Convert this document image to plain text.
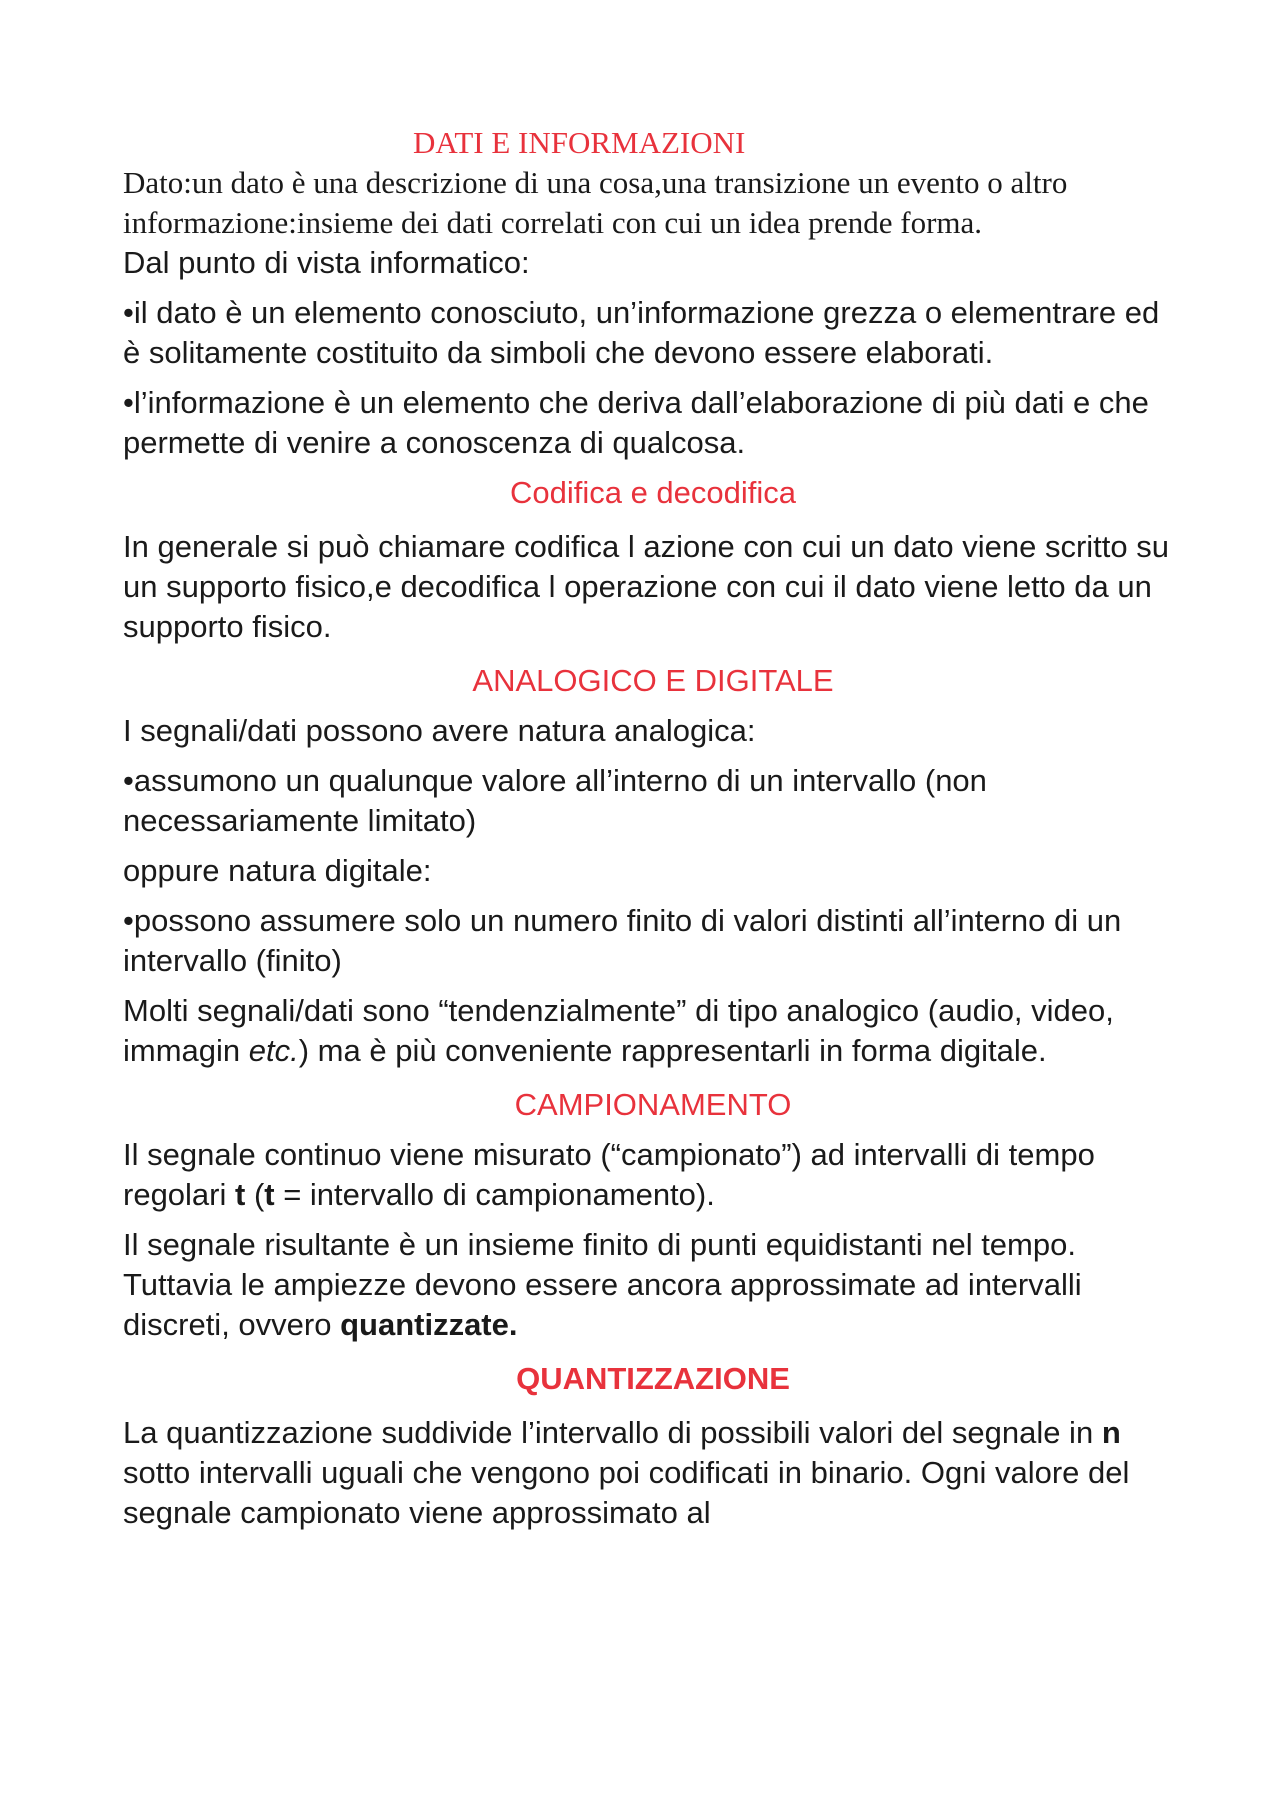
DATI E INFORMAZIONI

Dato:un dato è una descrizione di una cosa,una transizione un evento o altro

informazione:insieme dei dati correlati con cui un idea prende forma.

Dal punto di vista informatico:

•il dato è un elemento conosciuto, un’informazione grezza o elementrare ed è solitamente costituito da simboli che devono essere elaborati.

•l’informazione è un elemento che deriva dall’elaborazione di più dati e che permette di venire a conoscenza di qualcosa.

Codifica e decodifica

In generale si può chiamare codifica l azione con cui un dato viene scritto su un supporto fisico,e decodifica l operazione con cui il dato viene letto da un supporto fisico.

ANALOGICO E DIGITALE

I segnali/dati possono avere natura analogica:

•assumono un qualunque valore all’interno di un intervallo (non necessariamente limitato)

oppure natura digitale:

•possono assumere solo un numero finito di valori distinti all’interno di un intervallo (finito)

Molti segnali/dati sono “tendenzialmente” di tipo analogico (audio, video, immagin etc.) ma è più conveniente rappresentarli in forma digitale.

CAMPIONAMENTO

Il segnale continuo viene misurato (“campionato”) ad intervalli di tempo regolari t (t = intervallo di campionamento).

Il segnale risultante è un insieme finito di punti equidistanti nel tempo. Tuttavia le ampiezze devono essere ancora approssimate ad intervalli discreti, ovvero quantizzate.

QUANTIZZAZIONE

La quantizzazione suddivide l’intervallo di possibili valori del segnale in n sotto intervalli uguali che vengono poi codificati in binario. Ogni valore del segnale campionato viene approssimato al
